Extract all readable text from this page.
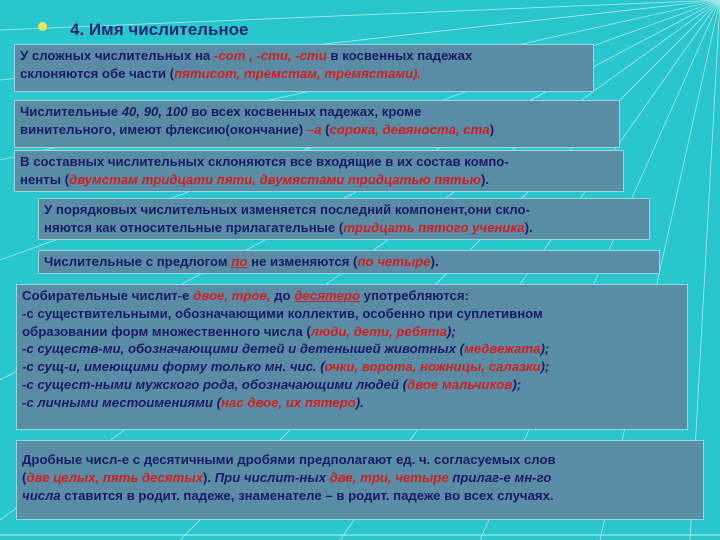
4. Имя числительное
У сложных числительных на -сот , -сти, -сти в косвенных падежах
склоняются обе части (пятисот, тремстам, тремястами).
Числительные 40, 90, 100 во всех косвенных падежах, кроме
винительного, имеют флексию(окончание) –а (сорока, девяноста, ста)
В составных числительных склоняются все входящие в их состав компо-
ненты (двумстам тридцати пяти, двумястами тридцатью пятью).
У порядковых числительных изменяется последний компонент,они скло-
няются как относительные прилагательные (тридцать пятого ученика).
Числительные с предлогом по не изменяются (по четыре).
Собирательные числит-е двое, трое, до десятеро употребляются:
-с существительными, обозначающими коллектив, особенно при суплетивном
образовании форм множественного числа (люди, дети, ребята);
-с существ-ми, обозначающими детей и детенышей животных (медвежата);
-с сущ-и, имеющими форму только мн. чис. (очки, ворота, ножницы, салазки);
-с сущест-ными мужского рода, обозначающими людей (двое мальчиков);
-с личными местоимениями (нас двое, их пятеро).
Дробные числ-е с десятичными дробями предполагают ед. ч. согласуемых слов
(две целых, пять десятых). При числит-ных две, три, четыре прилаг-е мн-го
числа ставится в родит. падеже, знаменателе – в родит. падеже во всех случаях.
